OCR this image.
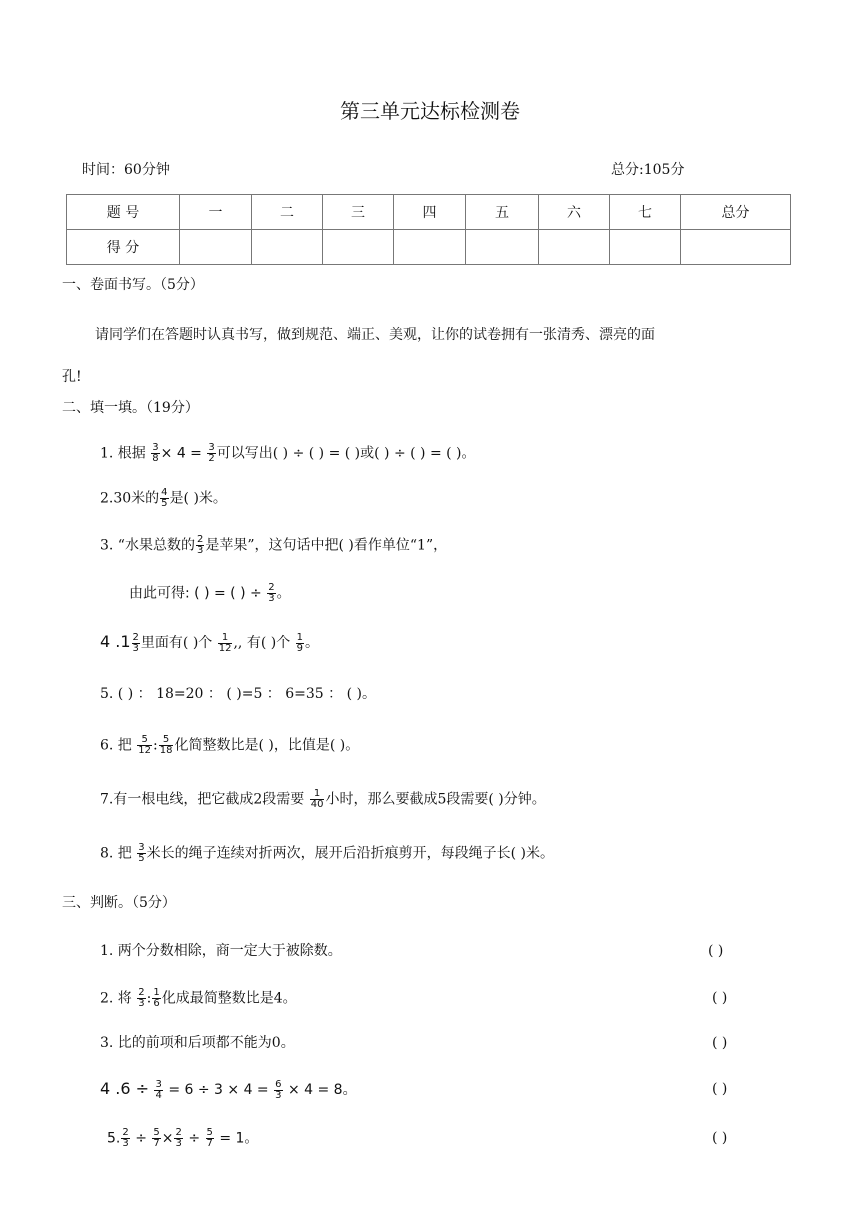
第三单元达标检测卷
时间：60分钟	总分:105分
题 号	一	二	三	四	五	六	七	总分
得 分								
一、卷面书写。（5分）
请同学们在答题时认真书写，做到规范、端正、美观，让你的试卷拥有一张清秀、漂亮的面
孔!
二、填一填。（19分）
1. 根据 $\frac{3}{8} \times 4 = \frac{3}{2}$ 可以写出( ) ÷ ( ) = ( )或( ) ÷ ( ) = ( )。
2.30米的 $\frac{4}{5}$ 是( )米。
3. “水果总数的 $\frac{2}{3}$ 是苹果”，这句话中把( )看作单位“1”，
由此可得: ( ) = ( ) ÷ $\frac{2}{3}$ 。
4 $.1 \frac{2}{3}$ 里面有( )个 $\frac{1}{12}$ ,, 有( )个 $\frac{1}{9}$ 。
5. ( ) ： 18=20 ： ( )=5 ： 6=35 ： ( )。
6. 把 $\frac{5}{12}$ : $\frac{5}{18}$ 化简整数比是( )，比值是( )。
7.有一根电线，把它截成2段需要 $\frac{1}{40}$ 小时，那么要截成5段需要( )分钟。
8. 把 $\frac{3}{5}$ 米长的绳子连续对折两次，展开后沿折痕剪开，每段绳子长( )米。
三、判断。（5分）
1. 两个分数相除，商一定大于被除数。	( )
2. 将 $\frac{2}{3}$ : $\frac{1}{6}$ 化成最简整数比是4。	( )
3. 比的前项和后项都不能为0。	( )
4 $.6 \div \frac{3}{4} = 6 \div 3 \times 4 = \frac{6}{3} \times 4 = 8$。	( )
5. $\frac{2}{3} \div \frac{5}{7} \times \frac{2}{3} \div \frac{5}{7} = 1$。	( )
